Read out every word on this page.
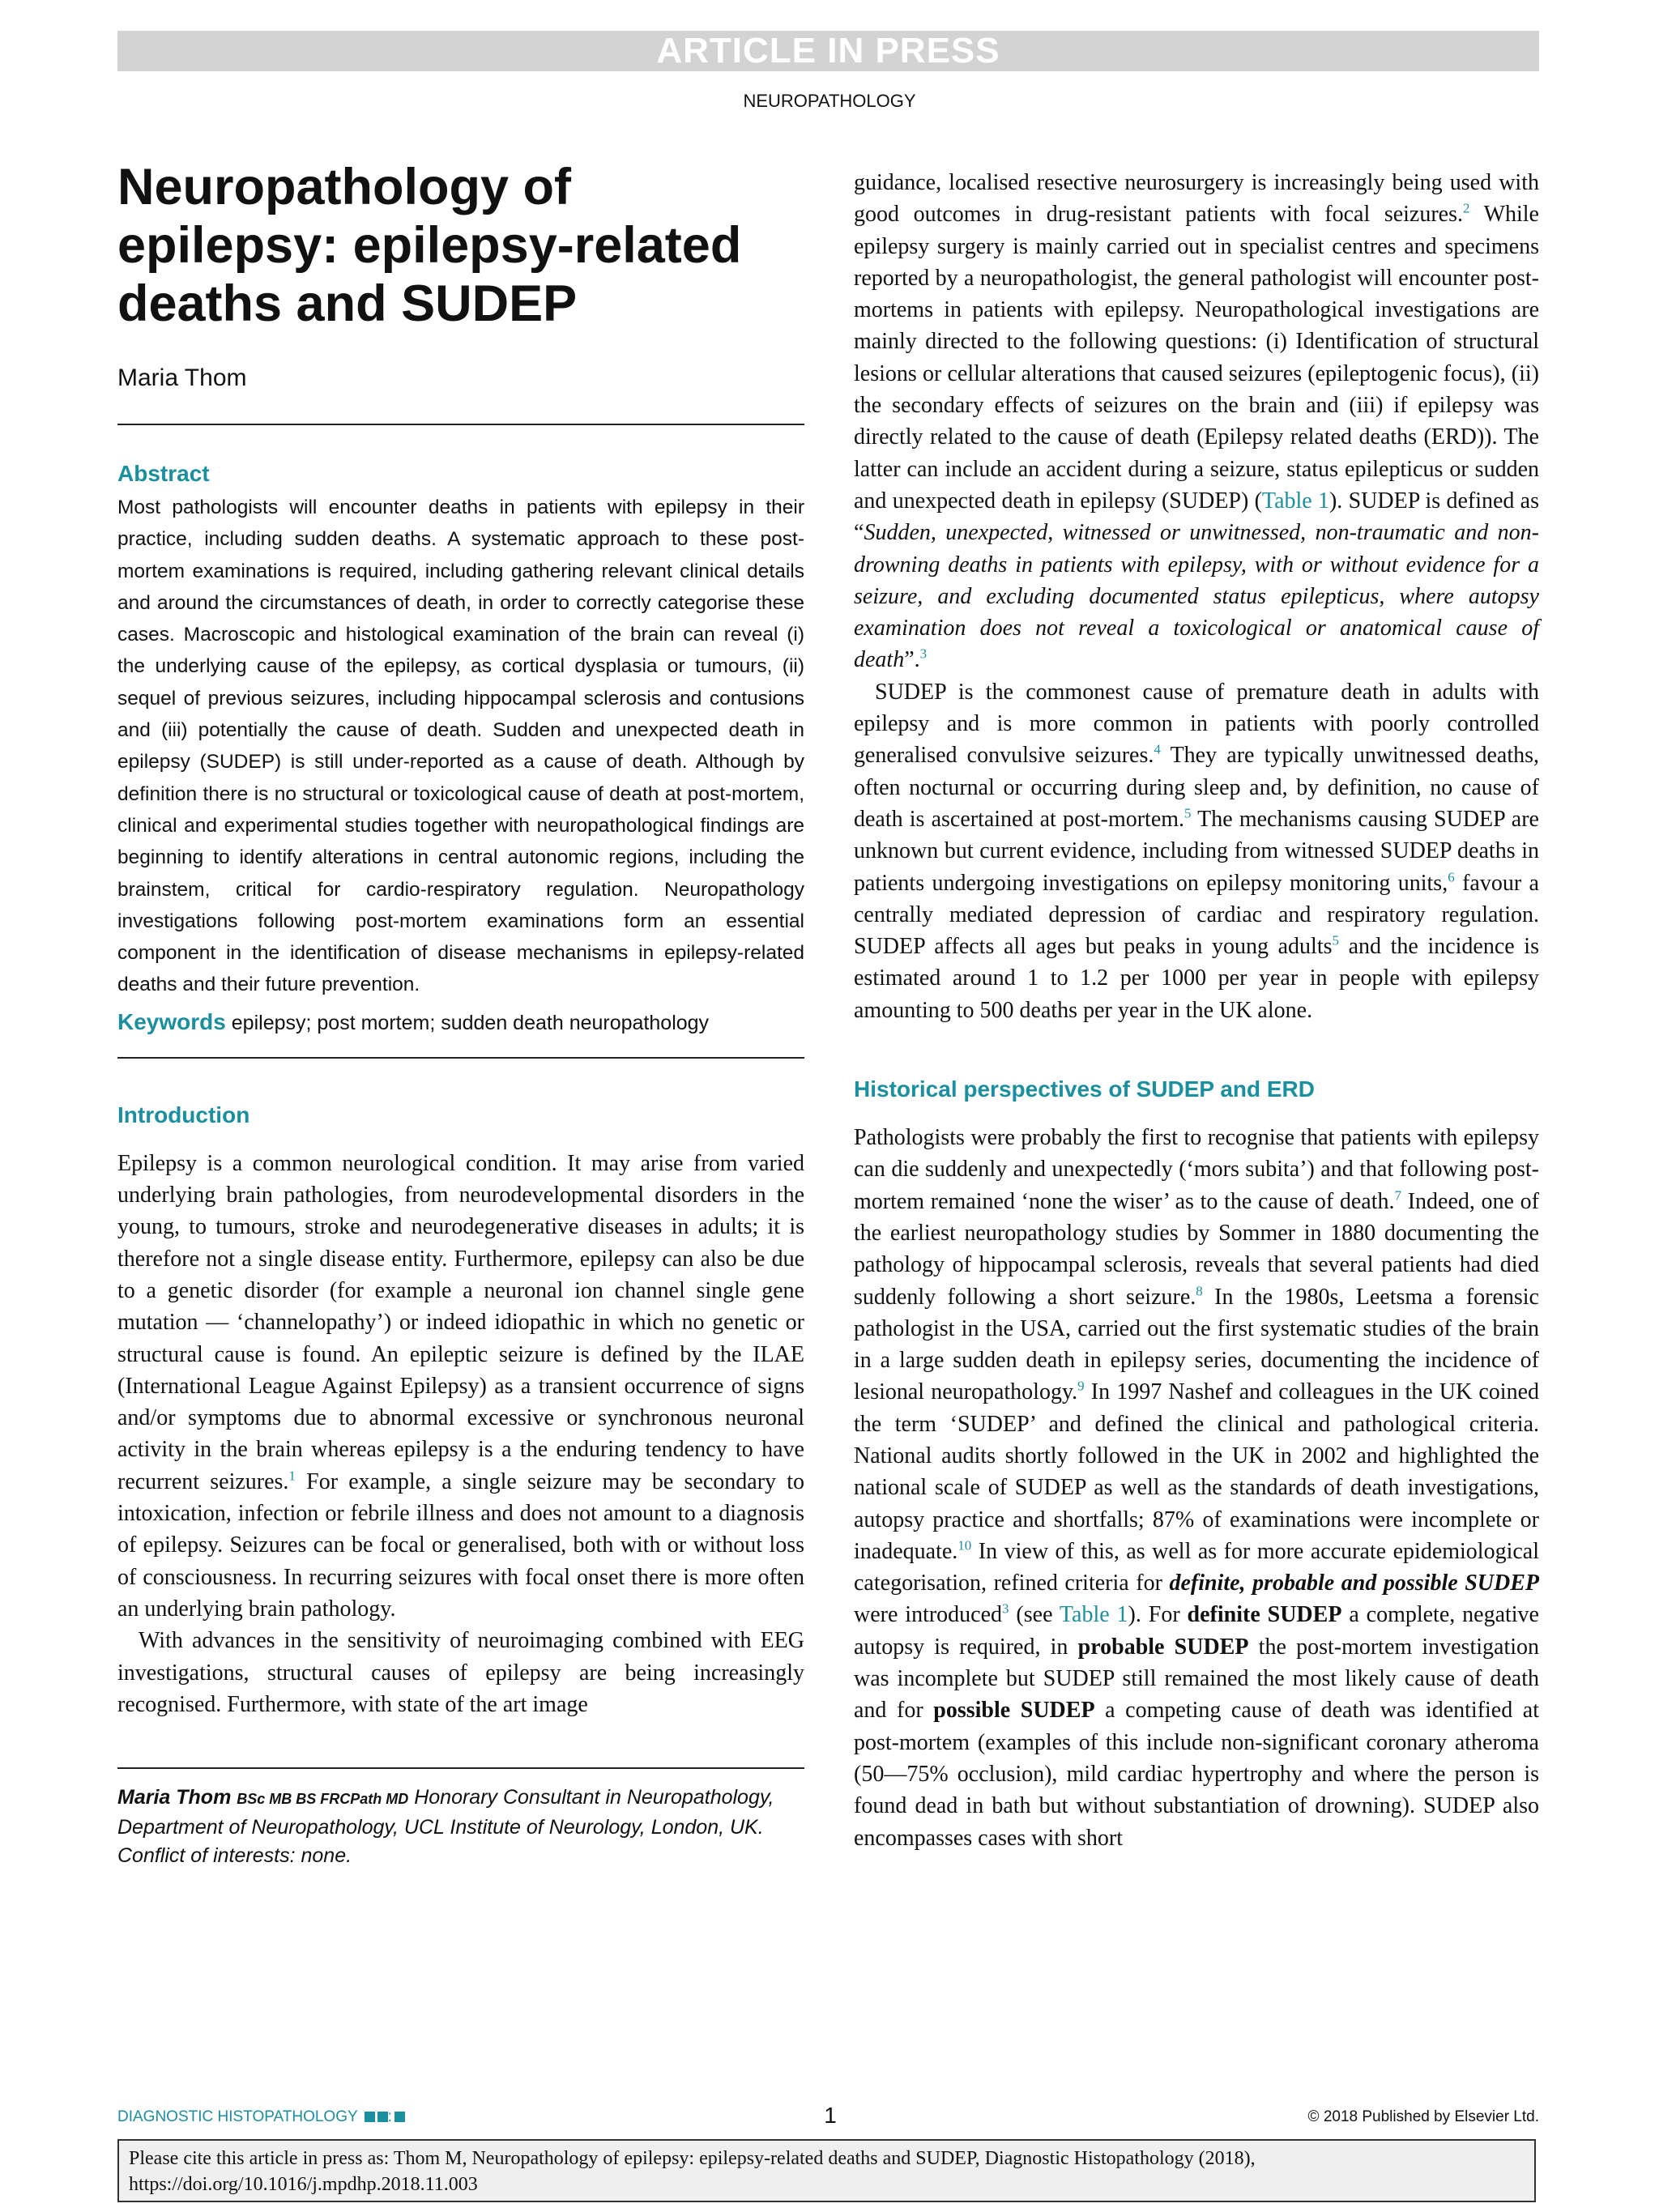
ARTICLE IN PRESS
NEUROPATHOLOGY
Neuropathology of
epilepsy: epilepsy-related
deaths and SUDEP
Maria Thom
Abstract

Most pathologists will encounter deaths in patients with epilepsy in their practice, including sudden deaths. A systematic approach to these post-mortem examinations is required, including gathering relevant clinical details and around the circumstances of death, in order to correctly categorise these cases. Macroscopic and histological examination of the brain can reveal (i) the underlying cause of the epilepsy, as cortical dysplasia or tumours, (ii) sequel of previous seizures, including hippocampal sclerosis and contusions and (iii) potentially the cause of death. Sudden and unexpected death in epilepsy (SUDEP) is still under-reported as a cause of death. Although by definition there is no structural or toxicological cause of death at post-mortem, clinical and experimental studies together with neuropathological findings are beginning to identify alterations in central autonomic regions, including the brainstem, critical for cardio-respiratory regulation. Neuropathology investigations following post-mortem examinations form an essential component in the identification of disease mechanisms in epilepsy-related deaths and their future prevention.

Keywords epilepsy; post mortem; sudden death neuropathology
Introduction

Epilepsy is a common neurological condition. It may arise from varied underlying brain pathologies, from neurodevelopmental disorders in the young, to tumours, stroke and neurodegenerative diseases in adults; it is therefore not a single disease entity. Furthermore, epilepsy can also be due to a genetic disorder (for example a neuronal ion channel single gene mutation — ‘channelopathy’) or indeed idiopathic in which no genetic or structural cause is found. An epileptic seizure is defined by the ILAE (International League Against Epilepsy) as a transient occurrence of signs and/or symptoms due to abnormal excessive or synchronous neuronal activity in the brain whereas epilepsy is a the enduring tendency to have recurrent seizures.$^1$ For example, a single seizure may be secondary to intoxication, infection or febrile illness and does not amount to a diagnosis of epilepsy. Seizures can be focal or generalised, both with or without loss of consciousness. In recurring seizures with focal onset there is more often an underlying brain pathology.

With advances in the sensitivity of neuroimaging combined with EEG investigations, structural causes of epilepsy are being increasingly recognised. Furthermore, with state of the art image

Maria Thom BSc MB BS FRCPath MD Honorary Consultant in Neuropathology, Department of Neuropathology, UCL Institute of Neurology, London, UK. Conflict of interests: none.

guidance, localised resective neurosurgery is increasingly being used with good outcomes in drug-resistant patients with focal seizures.$^2$ While epilepsy surgery is mainly carried out in specialist centres and specimens reported by a neuropathologist, the general pathologist will encounter post-mortems in patients with epilepsy. Neuropathological investigations are mainly directed to the following questions: (i) Identification of structural lesions or cellular alterations that caused seizures (epileptogenic focus), (ii) the secondary effects of seizures on the brain and (iii) if epilepsy was directly related to the cause of death (Epilepsy related deaths (ERD)). The latter can include an accident during a seizure, status epilepticus or sudden and unexpected death in epilepsy (SUDEP) (Table 1). SUDEP is defined as “Sudden, unexpected, witnessed or unwitnessed, non-traumatic and non-drowning deaths in patients with epilepsy, with or without evidence for a seizure, and excluding documented status epilepticus, where autopsy examination does not reveal a toxicological or anatomical cause of death”.$^3$

SUDEP is the commonest cause of premature death in adults with epilepsy and is more common in patients with poorly controlled generalised convulsive seizures.$^4$ They are typically unwitnessed deaths, often nocturnal or occurring during sleep and, by definition, no cause of death is ascertained at post-mortem.$^5$ The mechanisms causing SUDEP are unknown but current evidence, including from witnessed SUDEP deaths in patients undergoing investigations on epilepsy monitoring units,$^6$ favour a centrally mediated depression of cardiac and respiratory regulation. SUDEP affects all ages but peaks in young adults$^5$ and the incidence is estimated around 1 to 1.2 per 1000 per year in people with epilepsy amounting to 500 deaths per year in the UK alone.

Historical perspectives of SUDEP and ERD

Pathologists were probably the first to recognise that patients with epilepsy can die suddenly and unexpectedly (‘mors subita’) and that following post-mortem remained ‘none the wiser’ as to the cause of death.$^7$ Indeed, one of the earliest neuropathology studies by Sommer in 1880 documenting the pathology of hippocampal sclerosis, reveals that several patients had died suddenly following a short seizure.$^8$ In the 1980s, Leetsma a forensic pathologist in the USA, carried out the first systematic studies of the brain in a large sudden death in epilepsy series, documenting the incidence of lesional neuropathology.$^9$ In 1997 Nashef and colleagues in the UK coined the term ‘SUDEP’ and defined the clinical and pathological criteria. National audits shortly followed in the UK in 2002 and highlighted the national scale of SUDEP as well as the standards of death investigations, autopsy practice and shortfalls; 87% of examinations were incomplete or inadequate.$^{10}$ In view of this, as well as for more accurate epidemiological categorisation, refined criteria for definite, probable and possible SUDEP were introduced$^3$ (see Table 1). For definite SUDEP a complete, negative autopsy is required, in probable SUDEP the post-mortem investigation was incomplete but SUDEP still remained the most likely cause of death and for possible SUDEP a competing cause of death was identified at post-mortem (examples of this include non-significant coronary atheroma (50—75% occlusion), mild cardiac hypertrophy and where the person is found dead in bath but without substantiation of drowning). SUDEP also encompasses cases with short

DIAGNOSTIC HISTOPATHOLOGY :	1	© 2018 Published by Elsevier Ltd.
Please cite this article in press as: Thom M, Neuropathology of epilepsy: epilepsy-related deaths and SUDEP, Diagnostic Histopathology (2018), https://doi.org/10.1016/j.mpdhp.2018.11.003
